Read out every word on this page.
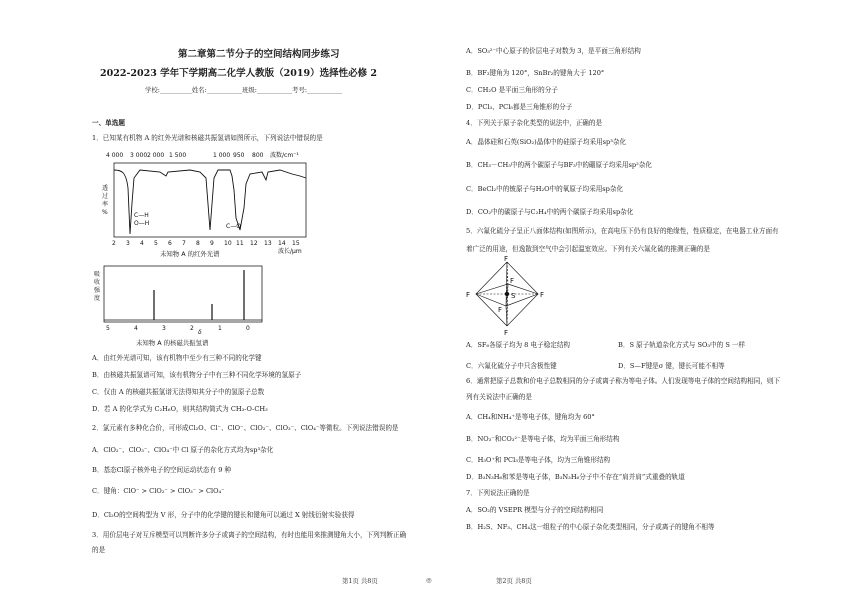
第二章第二节分子的空间结构同步练习
2022-2023 学年下学期高二化学人教版（2019）选择性必修 2
学校:__________姓名:___________班级:___________考号:___________
一、单选题
1．已知某有机物 A 的红外光谱和核磁共振氢谱如图所示，下列说法中错误的是
4 000 3 000 2 000 1 500	1 000 950 800 波数/cm⁻¹
透
过
率
%	C—H
O—H	C—O
2 3 4 5 6 7 8 9 10 11 12 13 14 15
波长/μm
未知物 A 的红外光谱
吸
收
强
度
5	4	3	2	1	0
δ
未知物 A 的核磁共振氢谱
A．由红外光谱可知，该有机物中至少有三种不同的化学键
B．由核磁共振氢谱可知，该有机物分子中有三种不同化学环境的氢原子
C．仅由 A 的核磁共振氢谱无法得知其分子中的氢原子总数
D．若 A 的化学式为 C₂H₆O，则其结构简式为 CH₃-O-CH₃
2．氯元素有多种化合价，可形成Cl₂O、Cl⁻、ClO⁻、ClO₂⁻、ClO₃⁻、ClO₄⁻等微粒。下列说法错误的是
A．ClO₂⁻、ClO₃⁻、ClO₄⁻中 Cl 原子的杂化方式均为sp³杂化
B．基态Cl原子核外电子的空间运动状态有 9 种
C．键角：ClO⁻ > ClO₂⁻ > ClO₃⁻ > ClO₄⁻
D．Cl₂O的空间构型为 V 形，分子中的化学键的键长和键角可以通过 X 射线衍射实验获得
3．用价层电子对互斥模型可以判断许多分子或离子的空间结构，有时也能用来推测键角大小，下列判断正确
的是
第1页 共8页	◎
A．SO₃²⁻中心原子的价层电子对数为 3，是平面三角形结构
B．BF₃键角为 120°，SnBr₂的键角大于 120°
C．CH₂O 是平面三角形的分子
D．PCl₃、PCl₅都是三角锥形的分子
4．下列关于原子杂化类型的说法中，正确的是
A．晶体硅和石英(SiO₂)晶体中的硅原子均采用sp³杂化
B．CH₃－CH₃中的两个碳原子与BF₃中的硼原子均采用sp²杂化
C．BeCl₂中的铍原子与H₂O中的氧原子均采用sp杂化
D．CO₂中的碳原子与C₂H₄中的两个碳原子均采用sp杂化
5．六氟化硫分子呈正八面体结构(如图所示)，在高电压下仍有良好的绝缘性，性质稳定，在电器工业方面有
着广泛的用途，但逸散到空气中会引起温室效应。下列有关六氟化硫的推测正确的是
F
F	F
F
F
F
S
A．SF₆各原子均为 8 电子稳定结构	B．S 原子轨道杂化方式与 SO₃中的 S 一样
C．六氟化硫分子中只含极性键	D．S—F键是σ 键，键长可能不相等
6．通常把原子总数和价电子总数相同的分子或离子称为等电子体。人们发现等电子体的空间结构相同，则下
列有关说法中正确的是
A．CH₄和NH₄⁺是等电子体，键角均为 60°
B．NO₃⁻和CO₃²⁻是等电子体，均为平面三角形结构
C．H₃O⁺和 PCl₃是等电子体，均为三角锥形结构
D．B₃N₃H₆和苯是等电子体，B₃N₃H₆分子中不存在“肩并肩”式重叠的轨道
7．下列说法正确的是
A．SO₂的 VSEPR 模型与分子的空间结构相同
B．H₂S、NF₃、CH₄这一组粒子的中心原子杂化类型相同，分子或离子的键角不相等
第2页 共8页
